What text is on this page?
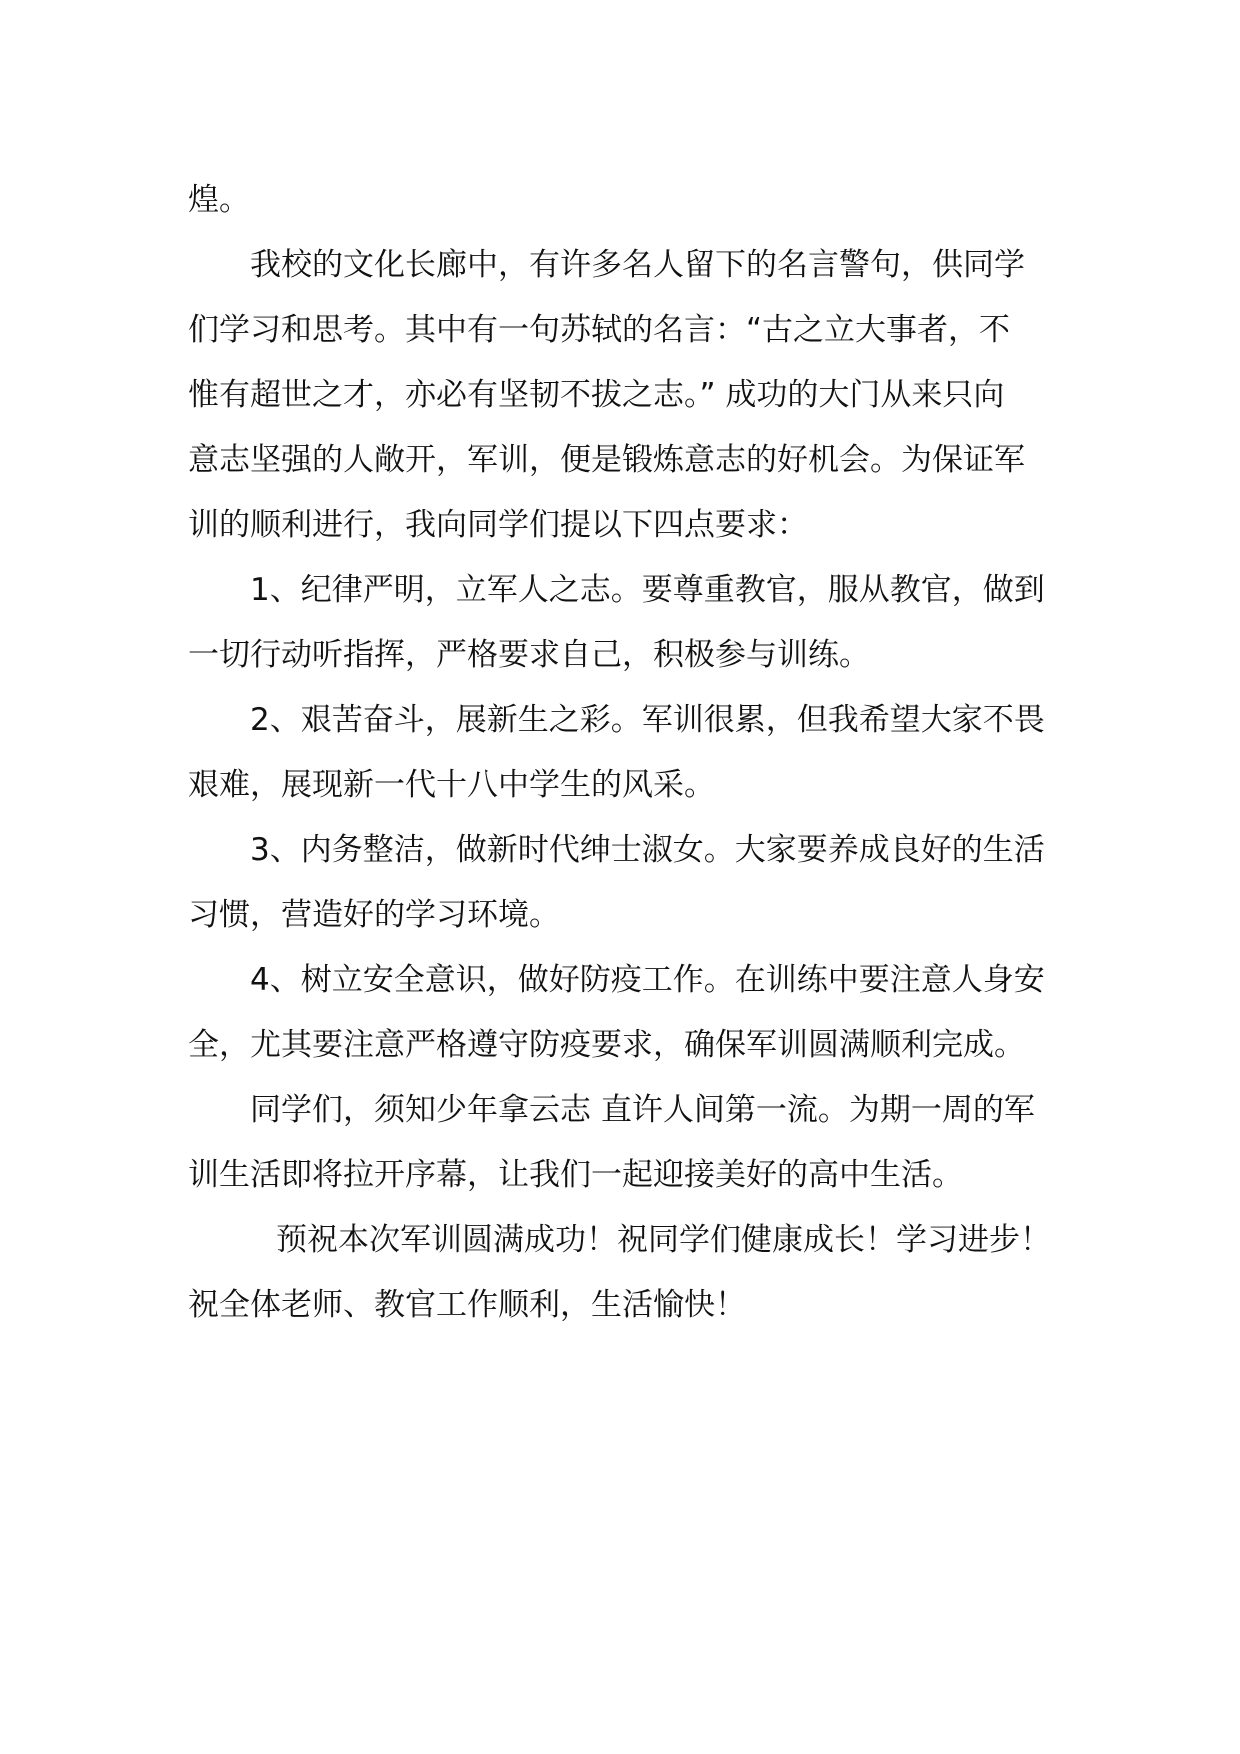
煌。
我校的文化长廊中，有许多名人留下的名言警句，供同学
们学习和思考。其中有一句苏轼的名言：“古之立大事者，不
惟有超世之才，亦必有坚韧不拔之志。” 成功的大门从来只向
意志坚强的人敞开，军训，便是锻炼意志的好机会。为保证军
训的顺利进行，我向同学们提以下四点要求：
1、纪律严明，立军人之志。要尊重教官，服从教官，做到
一切行动听指挥，严格要求自己，积极参与训练。
2、艰苦奋斗，展新生之彩。军训很累，但我希望大家不畏
艰难，展现新一代十八中学生的风采。
3、内务整洁，做新时代绅士淑女。大家要养成良好的生活
习惯，营造好的学习环境。
4、树立安全意识，做好防疫工作。在训练中要注意人身安
全，尤其要注意严格遵守防疫要求，确保军训圆满顺利完成。
同学们，须知少年拿云志 直许人间第一流。为期一周的军
训生活即将拉开序幕，让我们一起迎接美好的高中生活。
预祝本次军训圆满成功！祝同学们健康成长！学习进步！
祝全体老师、教官工作顺利，生活愉快！
